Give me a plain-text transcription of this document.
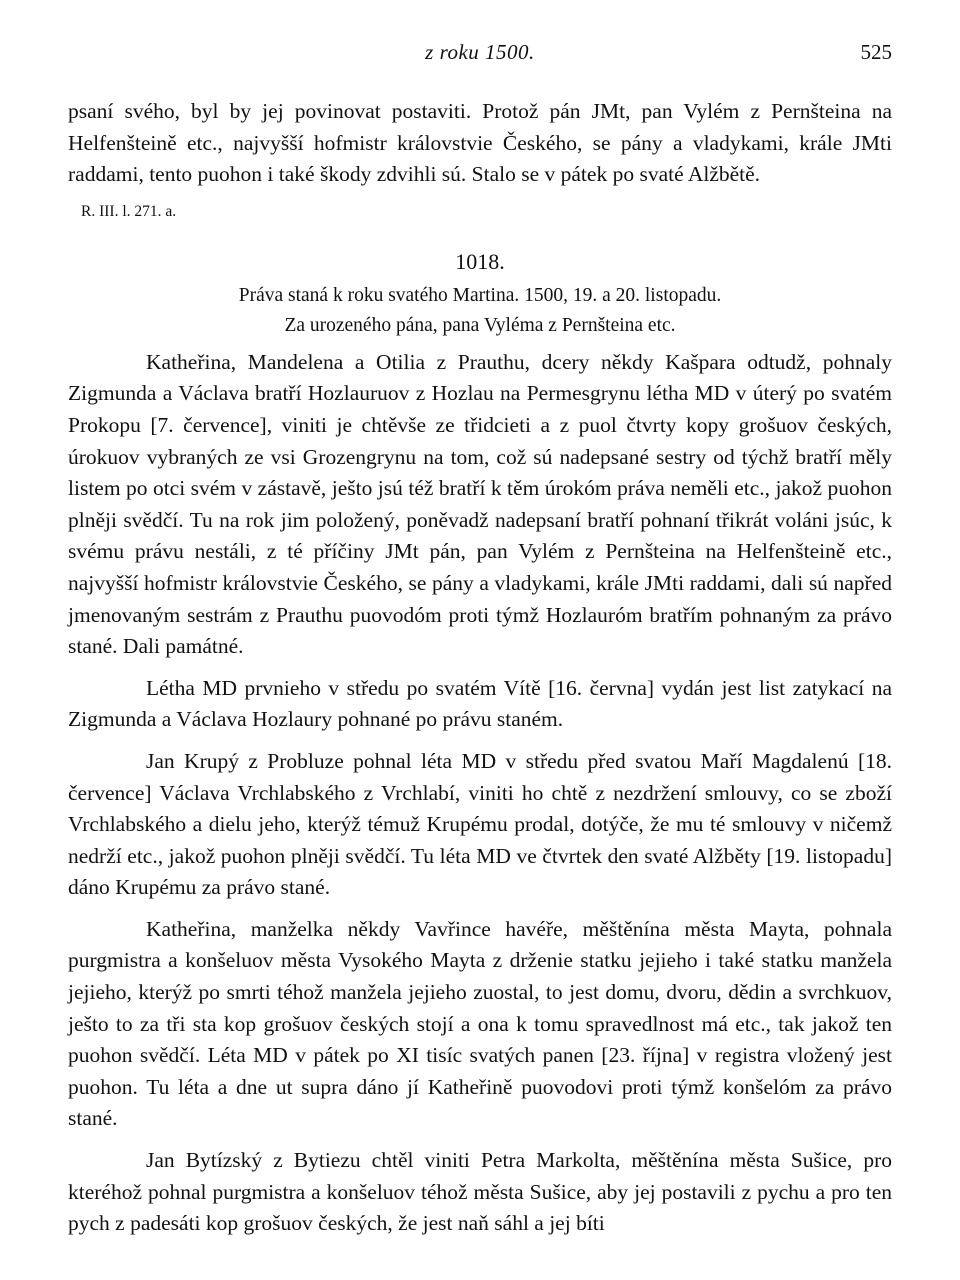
z roku 1500.	525

psaní svého, byl by jej povinovat postaviti. Protož pán JMt, pan Vylém z Pernšteina na Helfenšteině etc., najvyšší hofmistr královstvie Českého, se pány a vladykami, krále JMti raddami, tento puohon i také škody zdvihli sú. Stalo se v pátek po svaté Alžbětě.

R. III. l. 271. a.
1018.
Práva staná k roku svatého Martina. 1500, 19. a 20. listopadu.
Za urozeného pána, pana Vyléma z Pernšteina etc.

Katheřina, Mandelena a Otilia z Prauthu, dcery někdy Kašpara odtudž, pohnaly Zigmunda a Václava bratří Hozlauruov z Hozlau na Permesgrynu létha MD v úterý po svatém Prokopu [7. července], viniti je chtěvše ze třidcieti a z puol čtvrty kopy grošuov českých, úrokuov vybraných ze vsi Grozengrynu na tom, což sú nadepsané sestry od týchž bratří měly listem po otci svém v zástavě, ješto jsú též bratří k těm úrokóm práva neměli etc., jakož puohon plněji svědčí. Tu na rok jim položený, poněvadž nadepsaní bratří pohnaní třikrát voláni jsúc, k svému právu nestáli, z té příčiny JMt pán, pan Vylém z Pernšteina na Helfenšteině etc., najvyšší hofmistr královstvie Českého, se pány a vladykami, krále JMti raddami, dali sú napřed jmenovaným sestrám z Prauthu puovodóm proti týmž Hozlauróm bratřím pohnaným za právo stané. Dali památné.

Létha MD prvnieho v středu po svatém Vítě [16. června] vydán jest list zatykací na Zigmunda a Václava Hozlaury pohnané po právu staném.

Jan Krupý z Probluze pohnal léta MD v středu před svatou Maří Magdalenú [18. července] Václava Vrchlabského z Vrchlabí, viniti ho chtě z nezdržení smlouvy, co se zboží Vrchlabského a dielu jeho, kterýž témuž Krupému prodal, dotýče, že mu té smlouvy v ničemž nedrží etc., jakož puohon plněji svědčí. Tu léta MD ve čtvrtek den svaté Alžběty [19. listopadu] dáno Krupému za právo stané.

Katheřina, manželka někdy Vavřince havéře, měštěnína města Mayta, pohnala purgmistra a konšeluov města Vysokého Mayta z drženie statku jejieho i také statku manžela jejieho, kterýž po smrti téhož manžela jejieho zuostal, to jest domu, dvoru, dědin a svrchkuov, ješto to za tři sta kop grošuov českých stojí a ona k tomu spravedlnost má etc., tak jakož ten puohon svědčí. Léta MD v pátek po XI tisíc svatých panen [23. října] v registra vložený jest puohon. Tu léta a dne ut supra dáno jí Katheřině puovodovi proti týmž konšelóm za právo stané.

Jan Bytízský z Bytiezu chtěl viniti Petra Markolta, měštěnína města Sušice, pro kteréhož pohnal purgmistra a konšeluov téhož města Sušice, aby jej postavili z pychu a pro ten pych z padesáti kop grošuov českých, že jest naň sáhl a jej bíti
